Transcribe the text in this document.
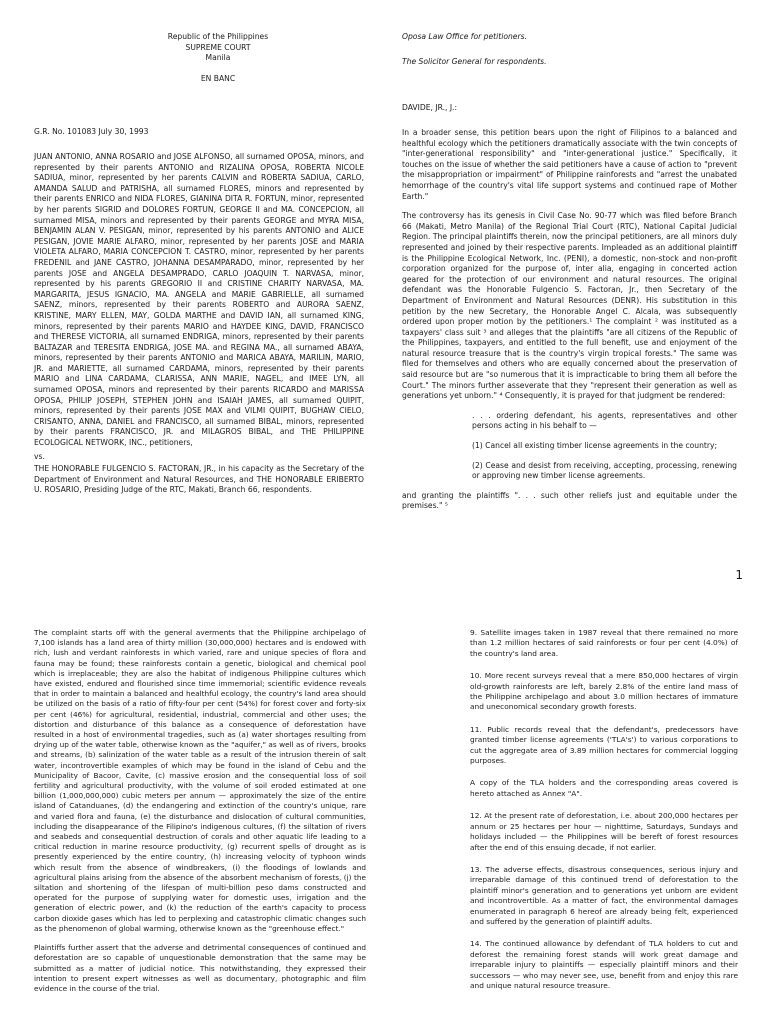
Republic of the Philippines
SUPREME COURT
Manila
EN BANC
G.R. No. 101083 July 30, 1993

JUAN ANTONIO, ANNA ROSARIO and JOSE ALFONSO, all surnamed OPOSA, minors, and represented by their parents ANTONIO and RIZALINA OPOSA, ROBERTA NICOLE SADIUA, minor, represented by her parents CALVIN and ROBERTA SADIUA, CARLO, AMANDA SALUD and PATRISHA, all surnamed FLORES, minors and represented by their parents ENRICO and NIDA FLORES, GIANINA DITA R. FORTUN, minor, represented by her parents SIGRID and DOLORES FORTUN, GEORGE II and MA. CONCEPCION, all surnamed MISA, minors and represented by their parents GEORGE and MYRA MISA, BENJAMIN ALAN V. PESIGAN, minor, represented by his parents ANTONIO and ALICE PESIGAN, JOVIE MARIE ALFARO, minor, represented by her parents JOSE and MARIA VIOLETA ALFARO, MARIA CONCEPCION T. CASTRO, minor, represented by her parents FREDENIL and JANE CASTRO, JOHANNA DESAMPARADO, minor, represented by her parents JOSE and ANGELA DESAMPRADO, CARLO JOAQUIN T. NARVASA, minor, represented by his parents GREGORIO II and CRISTINE CHARITY NARVASA, MA. MARGARITA, JESUS IGNACIO, MA. ANGELA and MARIE GABRIELLE, all surnamed SAENZ, minors, represented by their parents ROBERTO and AURORA SAENZ, KRISTINE, MARY ELLEN, MAY, GOLDA MARTHE and DAVID IAN, all surnamed KING, minors, represented by their parents MARIO and HAYDEE KING, DAVID, FRANCISCO and THERESE VICTORIA, all surnamed ENDRIGA, minors, represented by their parents BALTAZAR and TERESITA ENDRIGA, JOSE MA. and REGINA MA., all surnamed ABAYA, minors, represented by their parents ANTONIO and MARICA ABAYA, MARILIN, MARIO, JR. and MARIETTE, all surnamed CARDAMA, minors, represented by their parents MARIO and LINA CARDAMA, CLARISSA, ANN MARIE, NAGEL, and IMEE LYN, all surnamed OPOSA, minors and represented by their parents RICARDO and MARISSA OPOSA, PHILIP JOSEPH, STEPHEN JOHN and ISAIAH JAMES, all surnamed QUIPIT, minors, represented by their parents JOSE MAX and VILMI QUIPIT, BUGHAW CIELO, CRISANTO, ANNA, DANIEL and FRANCISCO, all surnamed BIBAL, minors, represented by their parents FRANCISCO, JR. and MILAGROS BIBAL, and THE PHILIPPINE ECOLOGICAL NETWORK, INC., petitioners,

vs.

THE HONORABLE FULGENCIO S. FACTORAN, JR., in his capacity as the Secretary of the Department of Environment and Natural Resources, and THE HONORABLE ERIBERTO U. ROSARIO, Presiding Judge of the RTC, Makati, Branch 66, respondents.

Oposa Law Office for petitioners.
The Solicitor General for respondents.
DAVIDE, JR., J.:

In a broader sense, this petition bears upon the right of Filipinos to a balanced and healthful ecology which the petitioners dramatically associate with the twin concepts of "inter-generational responsibility" and "inter-generational justice." Specifically, it touches on the issue of whether the said petitioners have a cause of action to "prevent the misappropriation or impairment" of Philippine rainforests and "arrest the unabated hemorrhage of the country's vital life support systems and continued rape of Mother Earth."

The controversy has its genesis in Civil Case No. 90-77 which was filed before Branch 66 (Makati, Metro Manila) of the Regional Trial Court (RTC), National Capital Judicial Region. The principal plaintiffs therein, now the principal petitioners, are all minors duly represented and joined by their respective parents. Impleaded as an additional plaintiff is the Philippine Ecological Network, Inc. (PENI), a domestic, non-stock and non-profit corporation organized for the purpose of, inter alia, engaging in concerted action geared for the protection of our environment and natural resources. The original defendant was the Honorable Fulgencio S. Factoran, Jr., then Secretary of the Department of Environment and Natural Resources (DENR). His substitution in this petition by the new Secretary, the Honorable Angel C. Alcala, was subsequently ordered upon proper motion by the petitioners.¹ The complaint ² was instituted as a taxpayers' class suit ³ and alleges that the plaintiffs "are all citizens of the Republic of the Philippines, taxpayers, and entitled to the full benefit, use and enjoyment of the natural resource treasure that is the country's virgin tropical forests." The same was filed for themselves and others who are equally concerned about the preservation of said resource but are "so numerous that it is impracticable to bring them all before the Court." The minors further asseverate that they "represent their generation as well as generations yet unborn." ⁴ Consequently, it is prayed for that judgment be rendered:

. . . ordering defendant, his agents, representatives and other persons acting in his behalf to —

(1) Cancel all existing timber license agreements in the country;

(2) Cease and desist from receiving, accepting, processing, renewing or approving new timber license agreements.

and granting the plaintiffs ". . . such other reliefs just and equitable under the premises." ⁵

1

The complaint starts off with the general averments that the Philippine archipelago of 7,100 islands has a land area of thirty million (30,000,000) hectares and is endowed with rich, lush and verdant rainforests in which varied, rare and unique species of flora and fauna may be found; these rainforests contain a genetic, biological and chemical pool which is irreplaceable; they are also the habitat of indigenous Philippine cultures which have existed, endured and flourished since time immemorial; scientific evidence reveals that in order to maintain a balanced and healthful ecology, the country's land area should be utilized on the basis of a ratio of fifty-four per cent (54%) for forest cover and forty-six per cent (46%) for agricultural, residential, industrial, commercial and other uses; the distortion and disturbance of this balance as a consequence of deforestation have resulted in a host of environmental tragedies, such as (a) water shortages resulting from drying up of the water table, otherwise known as the "aquifer," as well as of rivers, brooks and streams, (b) salinization of the water table as a result of the intrusion therein of salt water, incontrovertible examples of which may be found in the island of Cebu and the Municipality of Bacoor, Cavite, (c) massive erosion and the consequential loss of soil fertility and agricultural productivity, with the volume of soil eroded estimated at one billion (1,000,000,000) cubic meters per annum — approximately the size of the entire island of Catanduanes, (d) the endangering and extinction of the country's unique, rare and varied flora and fauna, (e) the disturbance and dislocation of cultural communities, including the disappearance of the Filipino's indigenous cultures, (f) the siltation of rivers and seabeds and consequential destruction of corals and other aquatic life leading to a critical reduction in marine resource productivity, (g) recurrent spells of drought as is presently experienced by the entire country, (h) increasing velocity of typhoon winds which result from the absence of windbreakers, (i) the floodings of lowlands and agricultural plains arising from the absence of the absorbent mechanism of forests, (j) the siltation and shortening of the lifespan of multi-billion peso dams constructed and operated for the purpose of supplying water for domestic uses, irrigation and the generation of electric power, and (k) the reduction of the earth's capacity to process carbon dioxide gases which has led to perplexing and catastrophic climatic changes such as the phenomenon of global warming, otherwise known as the "greenhouse effect."

Plaintiffs further assert that the adverse and detrimental consequences of continued and deforestation are so capable of unquestionable demonstration that the same may be submitted as a matter of judicial notice. This notwithstanding, they expressed their intention to present expert witnesses as well as documentary, photographic and film evidence in the course of the trial.

9. Satellite images taken in 1987 reveal that there remained no more than 1.2 million hectares of said rainforests or four per cent (4.0%) of the country's land area.

10. More recent surveys reveal that a mere 850,000 hectares of virgin old-growth rainforests are left, barely 2.8% of the entire land mass of the Philippine archipelago and about 3.0 million hectares of immature and uneconomical secondary growth forests.

11. Public records reveal that the defendant's, predecessors have granted timber license agreements ('TLA's') to various corporations to cut the aggregate area of 3.89 million hectares for commercial logging purposes.

A copy of the TLA holders and the corresponding areas covered is hereto attached as Annex "A".

12. At the present rate of deforestation, i.e. about 200,000 hectares per annum or 25 hectares per hour — nighttime, Saturdays, Sundays and holidays included — the Philippines will be bereft of forest resources after the end of this ensuing decade, if not earlier.

13. The adverse effects, disastrous consequences, serious injury and irreparable damage of this continued trend of deforestation to the plaintiff minor's generation and to generations yet unborn are evident and incontrovertible. As a matter of fact, the environmental damages enumerated in paragraph 6 hereof are already being felt, experienced and suffered by the generation of plaintiff adults.

14. The continued allowance by defendant of TLA holders to cut and deforest the remaining forest stands will work great damage and irreparable injury to plaintiffs — especially plaintiff minors and their successors — who may never see, use, benefit from and enjoy this rare and unique natural resource treasure.
